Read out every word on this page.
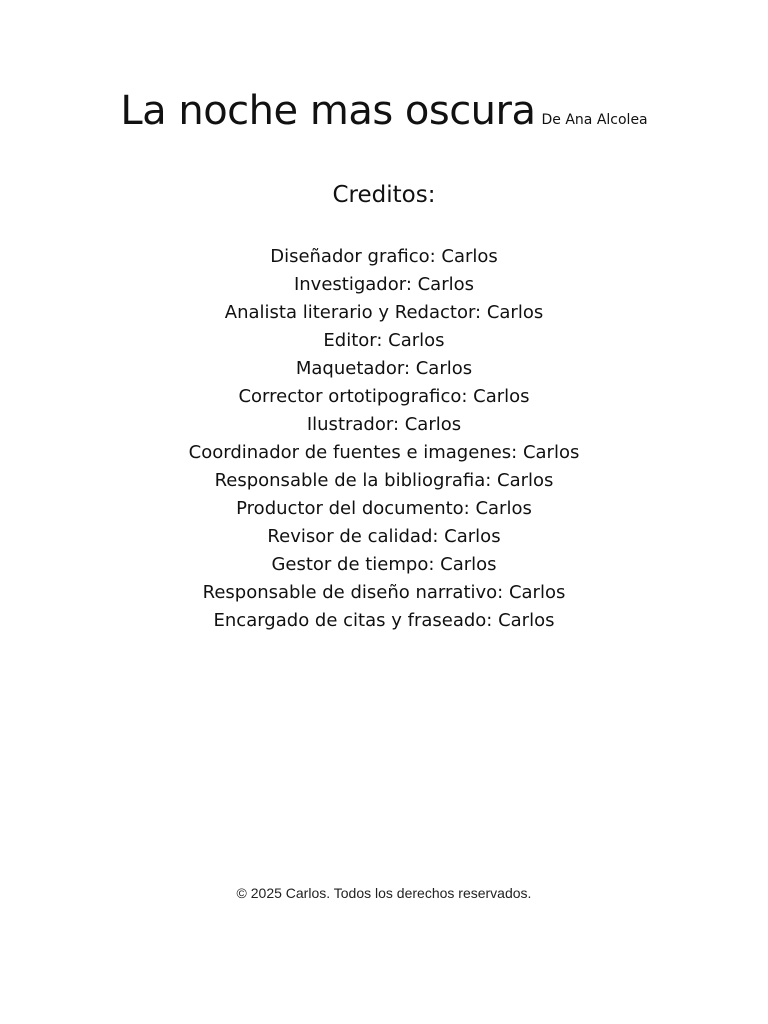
La noche mas oscura De Ana Alcolea
Creditos:
Diseñador grafico: Carlos
Investigador: Carlos
Analista literario y Redactor: Carlos
Editor: Carlos
Maquetador: Carlos
Corrector ortotipografico: Carlos
Ilustrador: Carlos
Coordinador de fuentes e imagenes: Carlos
Responsable de la bibliografia: Carlos
Productor del documento: Carlos
Revisor de calidad: Carlos
Gestor de tiempo: Carlos
Responsable de diseño narrativo: Carlos
Encargado de citas y fraseado: Carlos
© 2025 Carlos. Todos los derechos reservados.
